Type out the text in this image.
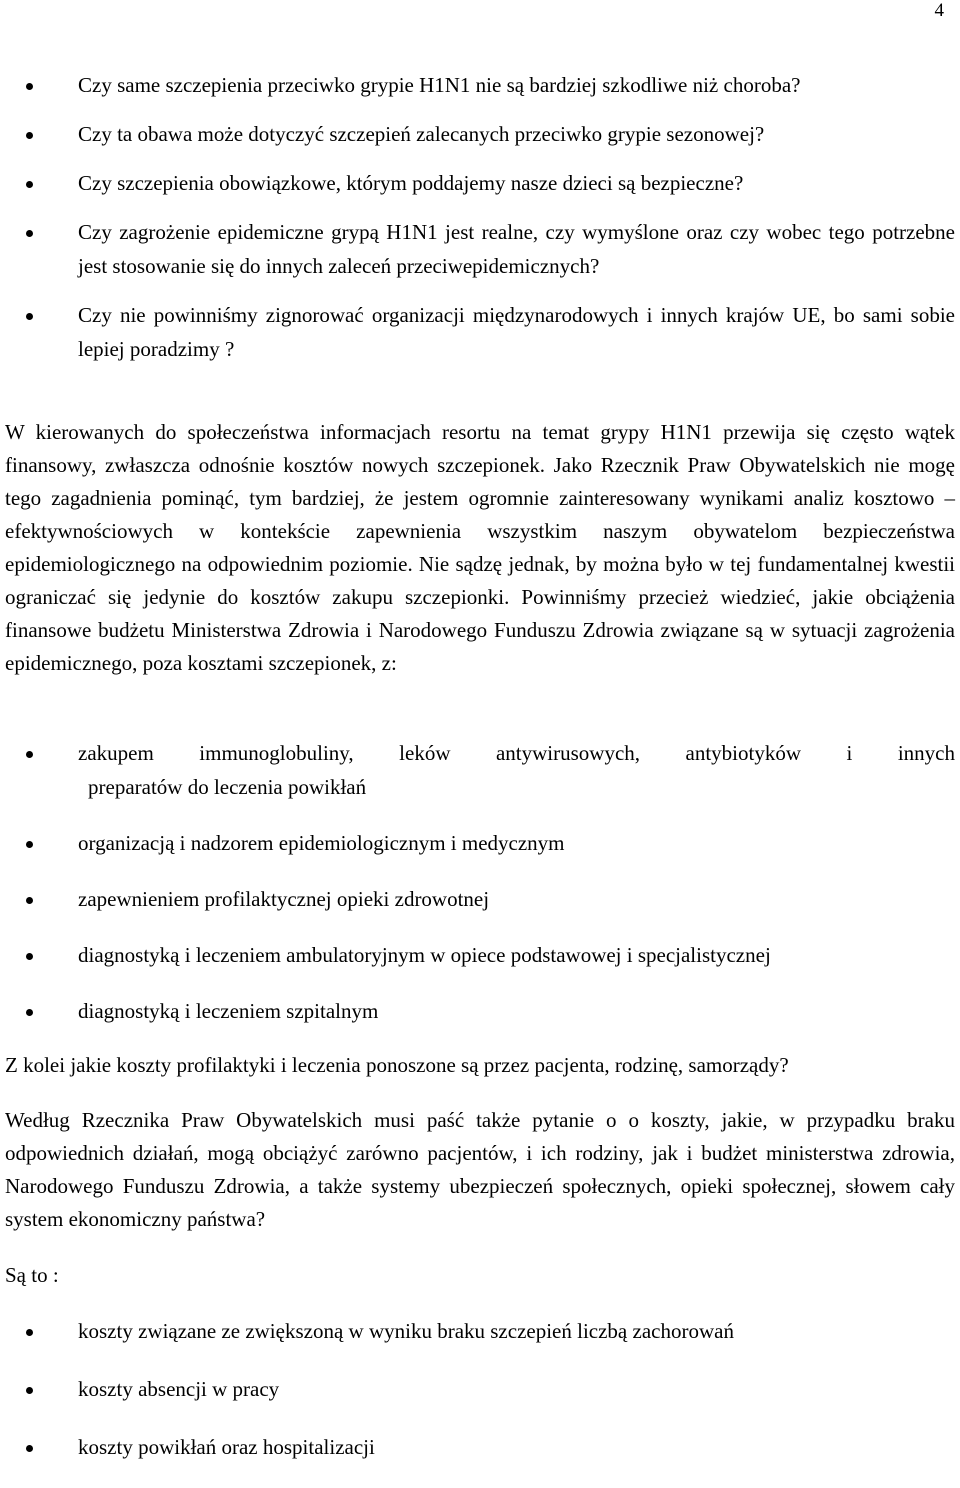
4
Czy same szczepienia przeciwko grypie H1N1 nie są bardziej szkodliwe niż choroba?
Czy ta obawa może dotyczyć szczepień zalecanych przeciwko grypie sezonowej?
Czy szczepienia obowiązkowe, którym poddajemy nasze dzieci są bezpieczne?
Czy zagrożenie epidemiczne grypą H1N1 jest realne, czy wymyślone oraz czy wobec tego potrzebne jest stosowanie się do innych zaleceń przeciwepidemicznych?
Czy nie powinniśmy zignorować organizacji międzynarodowych i innych krajów UE, bo sami sobie lepiej poradzimy ?

W kierowanych do społeczeństwa informacjach resortu na temat grypy H1N1 przewija się często wątek finansowy, zwłaszcza odnośnie kosztów nowych szczepionek. Jako Rzecznik Praw Obywatelskich nie mogę tego zagadnienia pominąć, tym bardziej, że jestem ogromnie zainteresowany wynikami analiz kosztowo – efektywnościowych w kontekście zapewnienia wszystkim naszym obywatelom bezpieczeństwa epidemiologicznego na odpowiednim poziomie. Nie sądzę jednak, by można było w tej fundamentalnej kwestii ograniczać się jedynie do kosztów zakupu szczepionki. Powinniśmy przecież wiedzieć, jakie obciążenia finansowe budżetu Ministerstwa Zdrowia i Narodowego Funduszu Zdrowia związane są w sytuacji zagrożenia epidemicznego, poza kosztami szczepionek, z:

zakupem immunoglobuliny, leków antywirusowych, antybiotyków i innych
preparatów do leczenia powikłań
organizacją i nadzorem epidemiologicznym i medycznym
zapewnieniem profilaktycznej opieki zdrowotnej
diagnostyką i leczeniem ambulatoryjnym w opiece podstawowej i specjalistycznej
diagnostyką i leczeniem szpitalnym

Z kolei jakie koszty profilaktyki i leczenia ponoszone są przez pacjenta, rodzinę, samorządy?

Według Rzecznika Praw Obywatelskich musi paść także pytanie o o koszty, jakie, w przypadku braku odpowiednich działań, mogą obciążyć zarówno pacjentów, i ich rodziny, jak i budżet ministerstwa zdrowia, Narodowego Funduszu Zdrowia, a także systemy ubezpieczeń społecznych, opieki społecznej, słowem cały system ekonomiczny państwa?

Są to :

koszty związane ze zwiększoną w wyniku braku szczepień liczbą zachorowań
koszty absencji w pracy
koszty powikłań oraz hospitalizacji
